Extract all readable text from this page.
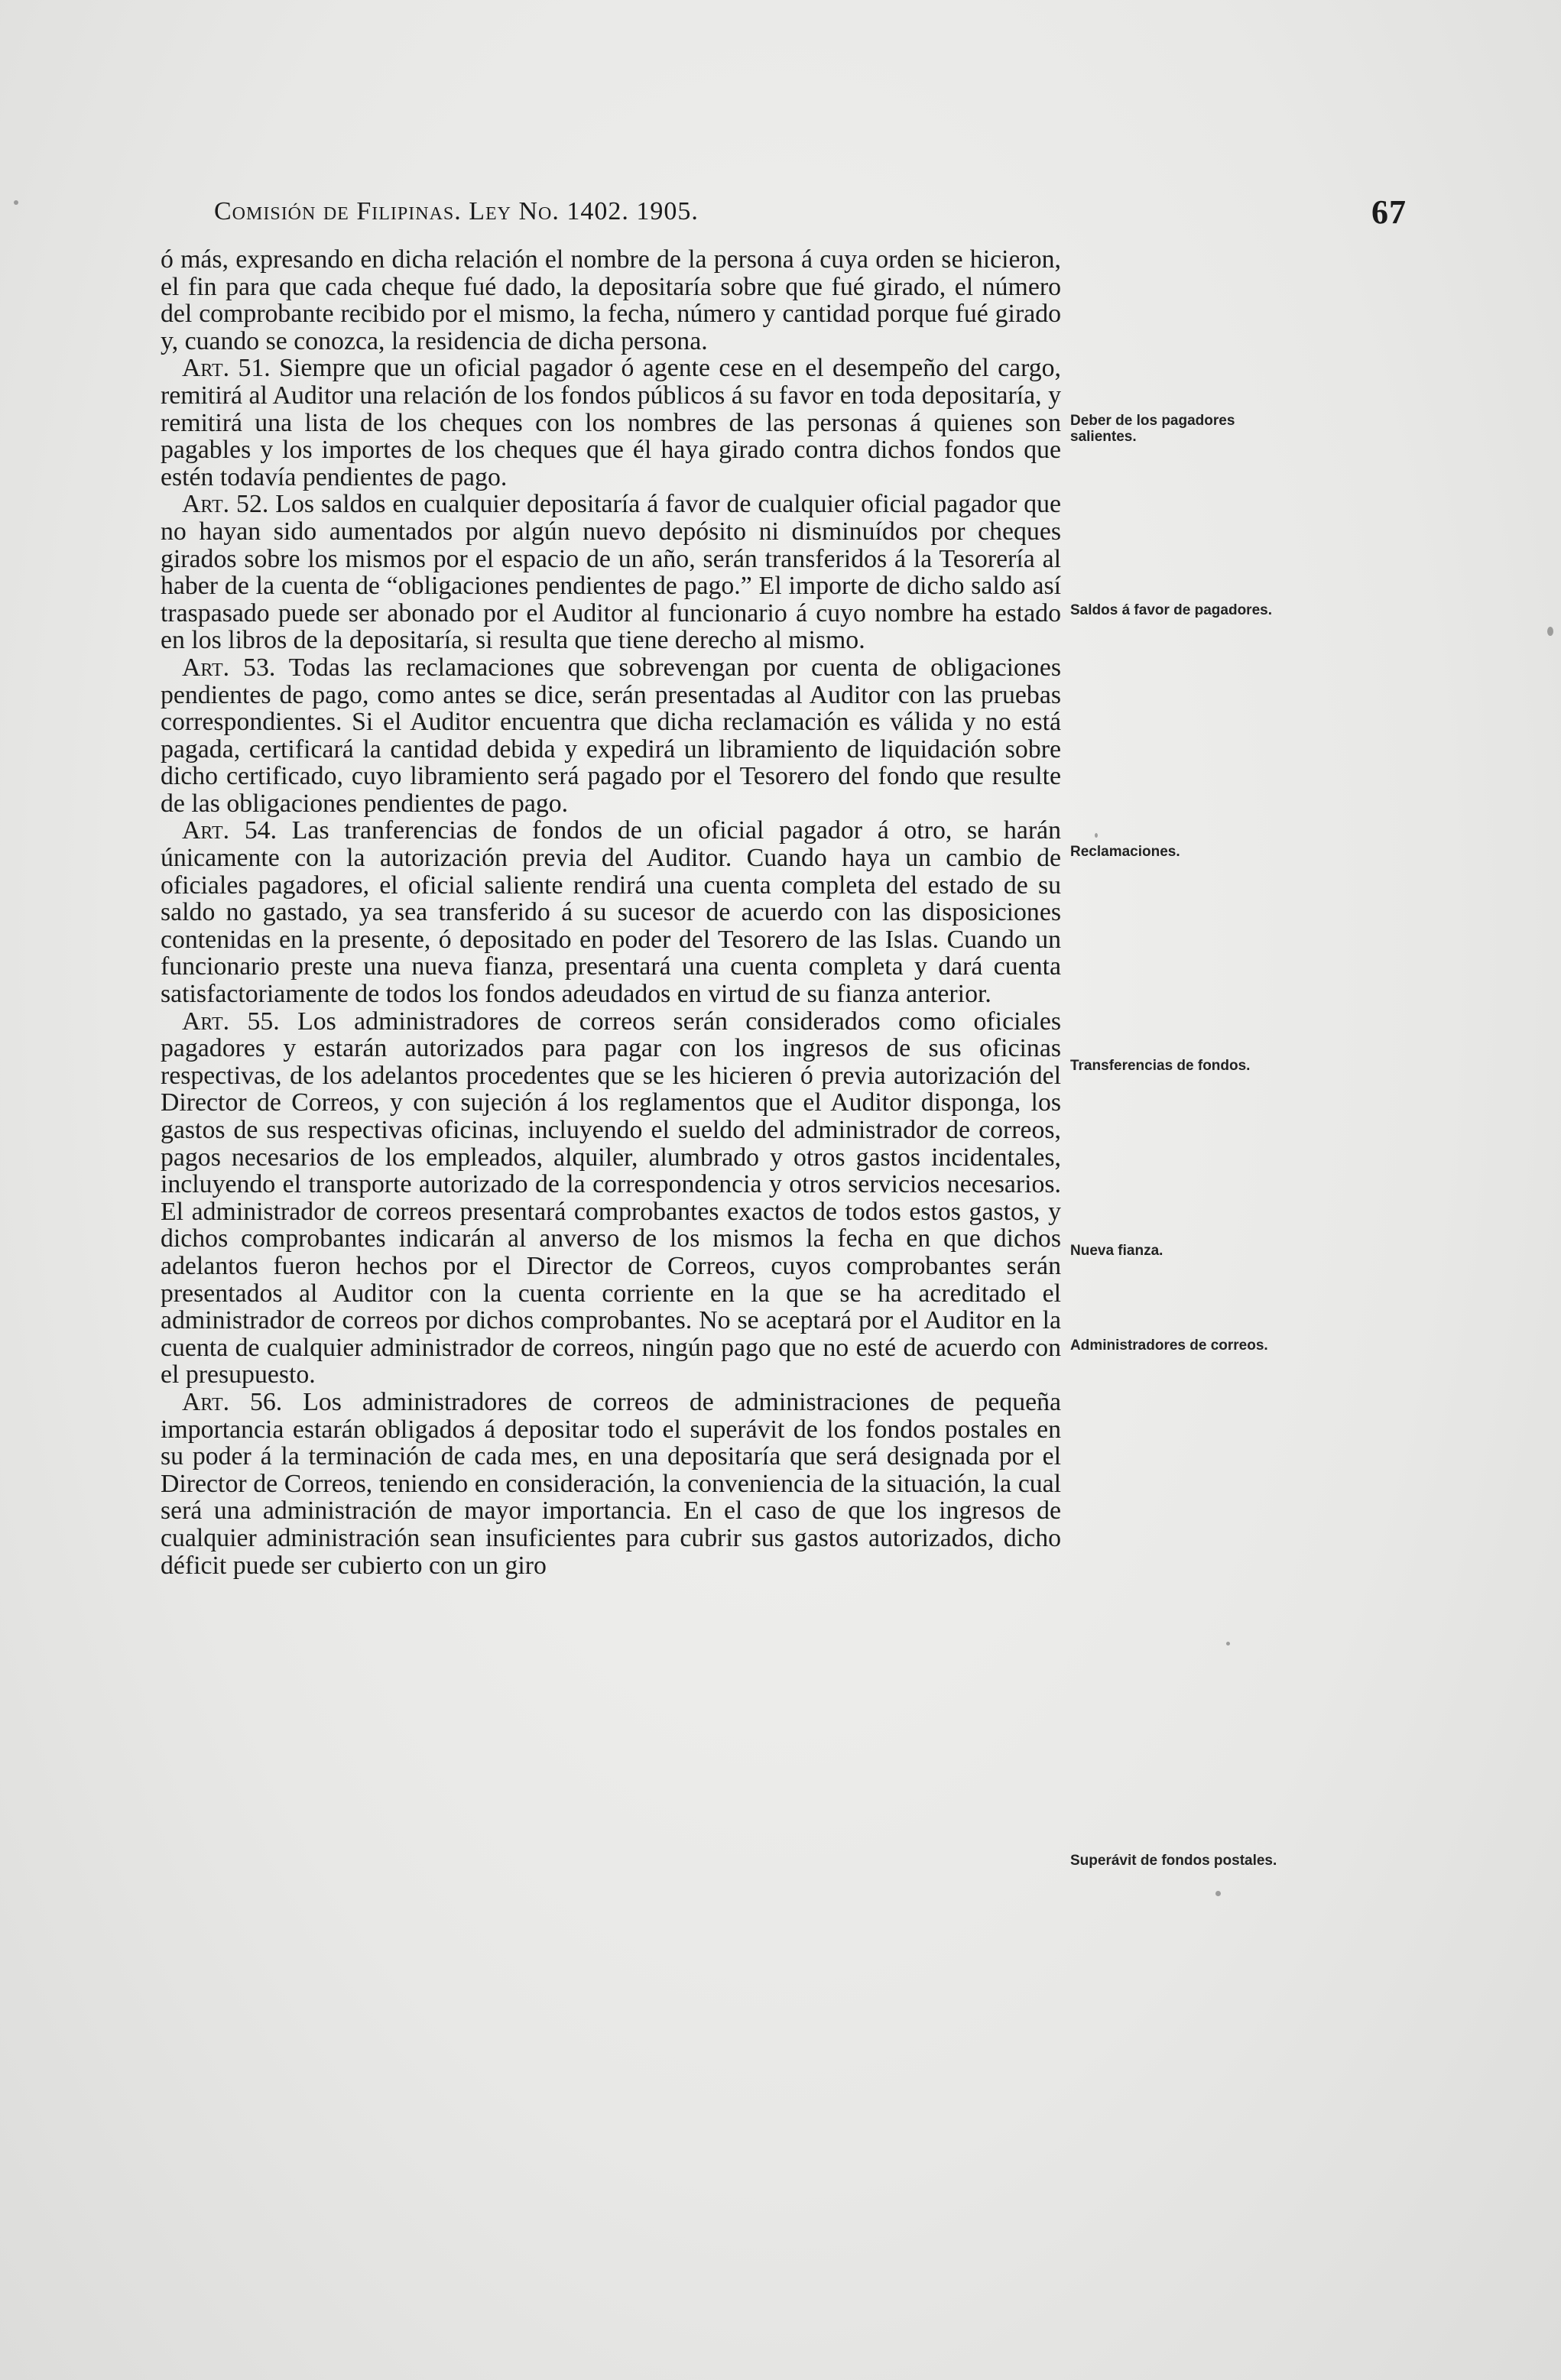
Comisión de Filipinas. Ley No. 1402. 1905.	67

ó más, expresando en dicha relación el nombre de la persona á cuya orden se hicieron, el fin para que cada cheque fué dado, la depositaría sobre que fué girado, el número del comprobante recibido por el mismo, la fecha, número y cantidad porque fué girado y, cuando se conozca, la residencia de dicha persona.

Art. 51. Siempre que un oficial pagador ó agente cese en el desempeño del cargo, remitirá al Auditor una relación de los fondos públicos á su favor en toda depositaría, y remitirá una lista de los cheques con los nombres de las personas á quienes son pagables y los importes de los cheques que él haya girado contra dichos fondos que estén todavía pendientes de pago.

Art. 52. Los saldos en cualquier depositaría á favor de cualquier oficial pagador que no hayan sido aumentados por algún nuevo depósito ni disminuídos por cheques girados sobre los mismos por el espacio de un año, serán transferidos á la Tesorería al haber de la cuenta de “obligaciones pendientes de pago.” El importe de dicho saldo así traspasado puede ser abonado por el Auditor al funcionario á cuyo nombre ha estado en los libros de la depositaría, si resulta que tiene derecho al mismo.

Art. 53. Todas las reclamaciones que sobrevengan por cuenta de obligaciones pendientes de pago, como antes se dice, serán presentadas al Auditor con las pruebas correspondientes. Si el Auditor encuentra que dicha reclamación es válida y no está pagada, certificará la cantidad debida y expedirá un libramiento de liquidación sobre dicho certificado, cuyo libramiento será pagado por el Tesorero del fondo que resulte de las obligaciones pendientes de pago.

Art. 54. Las tranferencias de fondos de un oficial pagador á otro, se harán únicamente con la autorización previa del Auditor. Cuando haya un cambio de oficiales pagadores, el oficial saliente rendirá una cuenta completa del estado de su saldo no gastado, ya sea transferido á su sucesor de acuerdo con las disposiciones contenidas en la presente, ó depositado en poder del Tesorero de las Islas. Cuando un funcionario preste una nueva fianza, presentará una cuenta completa y dará cuenta satisfactoriamente de todos los fondos adeudados en virtud de su fianza anterior.

Art. 55. Los administradores de correos serán considerados como oficiales pagadores y estarán autorizados para pagar con los ingresos de sus oficinas respectivas, de los adelantos procedentes que se les hicieren ó previa autorización del Director de Correos, y con sujeción á los reglamentos que el Auditor disponga, los gastos de sus respectivas oficinas, incluyendo el sueldo del administrador de correos, pagos necesarios de los empleados, alquiler, alumbrado y otros gastos incidentales, incluyendo el transporte autorizado de la correspondencia y otros servicios necesarios. El administrador de correos presentará comprobantes exactos de todos estos gastos, y dichos comprobantes indicarán al anverso de los mismos la fecha en que dichos adelantos fueron hechos por el Director de Correos, cuyos comprobantes serán presentados al Auditor con la cuenta corriente en la que se ha acreditado el administrador de correos por dichos comprobantes. No se aceptará por el Auditor en la cuenta de cualquier administrador de correos, ningún pago que no esté de acuerdo con el presupuesto.

Art. 56. Los administradores de correos de administraciones de pequeña importancia estarán obligados á depositar todo el superávit de los fondos postales en su poder á la terminación de cada mes, en una depositaría que será designada por el Director de Correos, teniendo en consideración, la conveniencia de la situación, la cual será una administración de mayor importancia. En el caso de que los ingresos de cualquier administración sean insuficientes para cubrir sus gastos autorizados, dicho déficit puede ser cubierto con un giro

Deber de los pagadores salientes.
Saldos á favor de pagadores.
Reclamaciones.
Transferencias de fondos.
Nueva fianza.
Administradores de correos.
Superávit de fondos postales.
